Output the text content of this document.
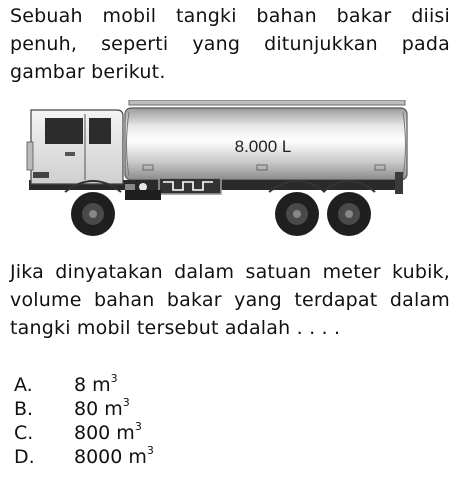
Sebuah mobil tangki bahan bakar diisi penuh, seperti yang ditunjukkan pada gambar berikut.
8.000 L
Jika dinyatakan dalam satuan meter kubik, volume bahan bakar yang terdapat dalam tangki mobil tersebut adalah . . . .
A. 8 $m^3$
B. 80 $m^3$
C. 800 $m^3$
D. 8000 $m^3$
